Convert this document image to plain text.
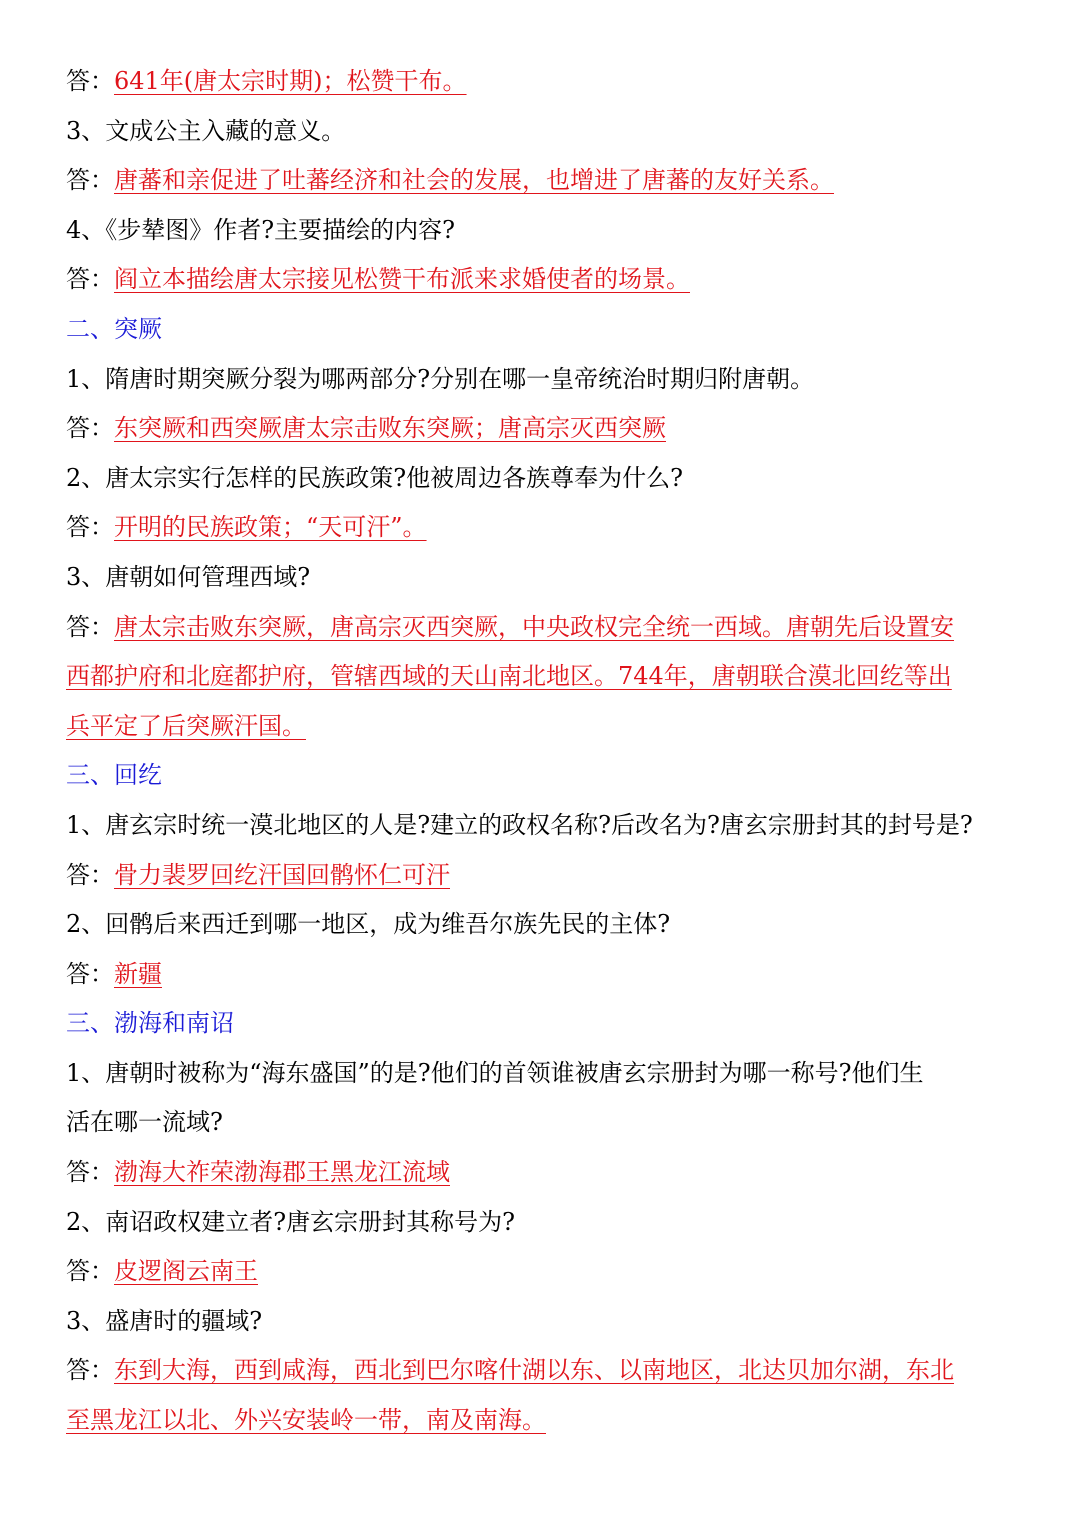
答：641年(唐太宗时期)；松赞干布。
3、文成公主入藏的意义。
答：唐蕃和亲促进了吐蕃经济和社会的发展，也增进了唐蕃的友好关系。
4、《步辇图》作者?主要描绘的内容?
答：阎立本描绘唐太宗接见松赞干布派来求婚使者的场景。
二、突厥
1、隋唐时期突厥分裂为哪两部分?分别在哪一皇帝统治时期归附唐朝。
答：东突厥和西突厥唐太宗击败东突厥；唐高宗灭西突厥
2、唐太宗实行怎样的民族政策?他被周边各族尊奉为什么?
答：开明的民族政策；“天可汗”。
3、唐朝如何管理西域?
答：唐太宗击败东突厥，唐高宗灭西突厥，中央政权完全统一西域。唐朝先后设置安
西都护府和北庭都护府，管辖西域的天山南北地区。744年，唐朝联合漠北回纥等出
兵平定了后突厥汗国。
三、回纥
1、唐玄宗时统一漠北地区的人是?建立的政权名称?后改名为?唐玄宗册封其的封号是?
答：骨力裴罗回纥汗国回鹘怀仁可汗
2、回鹘后来西迁到哪一地区，成为维吾尔族先民的主体?
答：新疆
三、渤海和南诏
1、唐朝时被称为“海东盛国”的是?他们的首领谁被唐玄宗册封为哪一称号?他们生
活在哪一流域?
答：渤海大祚荣渤海郡王黑龙江流域
2、南诏政权建立者?唐玄宗册封其称号为?
答：皮逻阁云南王
3、盛唐时的疆域?
答：东到大海，西到咸海，西北到巴尔喀什湖以东、以南地区，北达贝加尔湖，东北
至黑龙江以北、外兴安装岭一带，南及南海。
